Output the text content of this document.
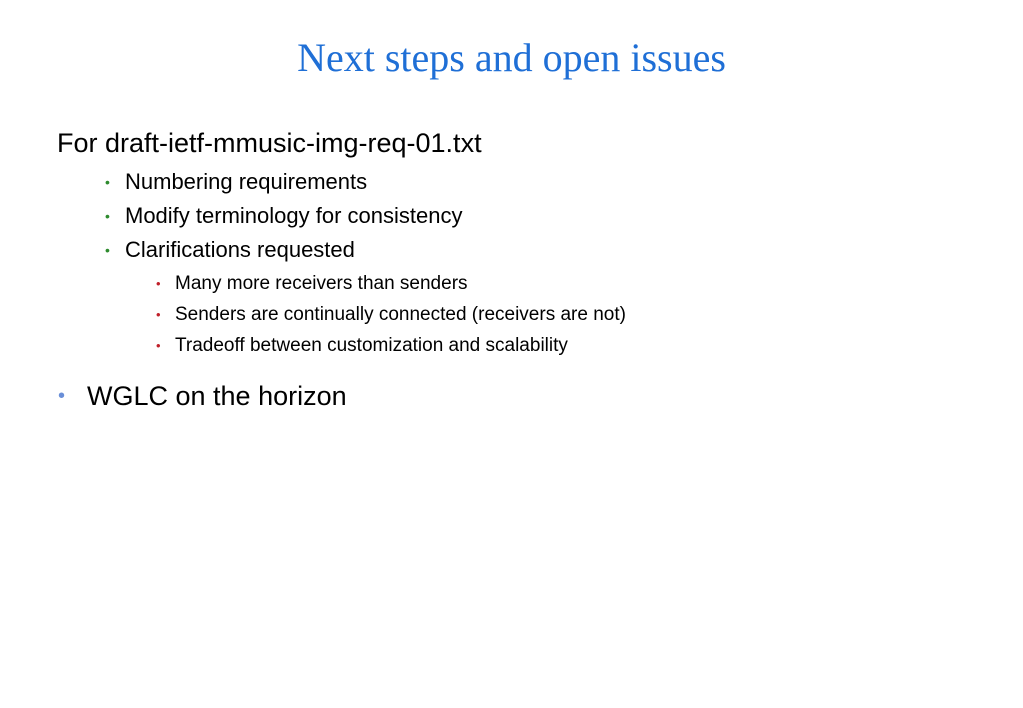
Next steps and open issues
For draft-ietf-mmusic-img-req-01.txt
• Numbering requirements
• Modify terminology for consistency
• Clarifications requested
• Many more receivers than senders
• Senders are continually connected (receivers are not)
• Tradeoff between customization and scalability
• WGLC on the horizon
